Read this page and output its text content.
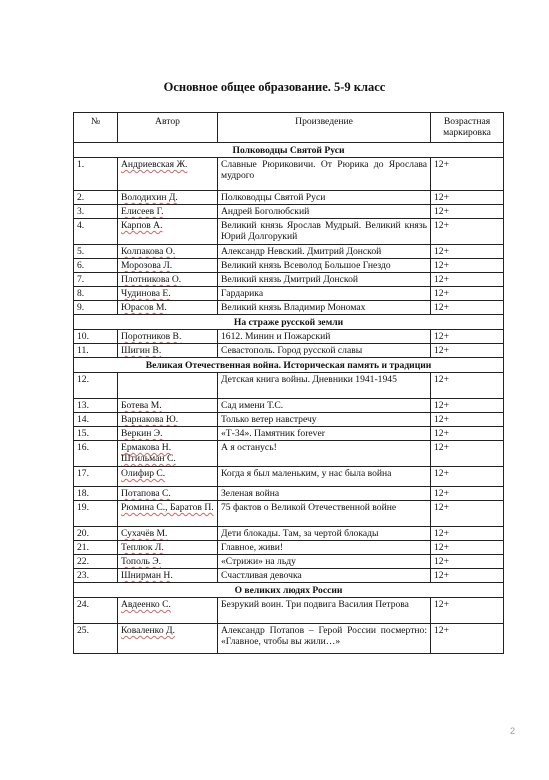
Основное общее образование. 5-9 класс
№	Автор	Произведение	Возрастная маркировка
Полководцы Святой Руси			
1.	Андриевская Ж.	Славные Рюриковичи. От Рюрика до Ярослава мудрого	12+
2.	Володихин Д.	Полководцы Святой Руси	12+
3.	Елисеев Г.	Андрей Боголюбский	12+
4.	Карпов А.	Великий князь Ярослав Мудрый. Великий князь Юрий Долгорукий	12+
5.	Колпакова О.	Александр Невский. Дмитрий Донской	12+
6.	Морозова Л.	Великий князь Всеволод Большое Гнездо	12+
7.	Плотникова О.	Великий князь Дмитрий Донской	12+
8.	Чудинова Е.	Гардарика	12+
9.	Юрасов М.	Великий князь Владимир Мономах	12+
На страже русской земли			
10.	Поротников В.	1612. Минин и Пожарский	12+
11.	Шигин В.	Севастополь. Город русской славы	12+
Великая Отечественная война. Историческая память и традиции			
12.		Детская книга войны. Дневники 1941-1945	12+
13.	Ботева М.	Сад имени Т.С.	12+
14.	Варнакова Ю.	Только ветер навстречу	12+
15.	Веркин Э.	«Т-34». Памятник forever	12+
16.	Ермакова Н. Штильман С.	А я останусь!	12+
17.	Олифир С.	Когда я был маленьким, у нас была война	12+
18.	Потапова С.	Зеленая война	12+
19.	Рюмина С., Баратов П.	75 фактов о Великой Отечественной войне	12+
20.	Сухачёв М.	Дети блокады. Там, за чертой блокады	12+
21.	Теплюк Л.	Главное, живи!	12+
22.	Тополь Э.	«Стрижи» на льду	12+
23.	Шнирман Н.	Счастливая девочка	12+
О великих людях России			
24.	Авдеенко С.	Безрукий воин. Три подвига Василия Петрова	12+
25.	Коваленко Д.	Александр Потапов – Герой России посмертно: «Главное, чтобы вы жили…»	12+
2
